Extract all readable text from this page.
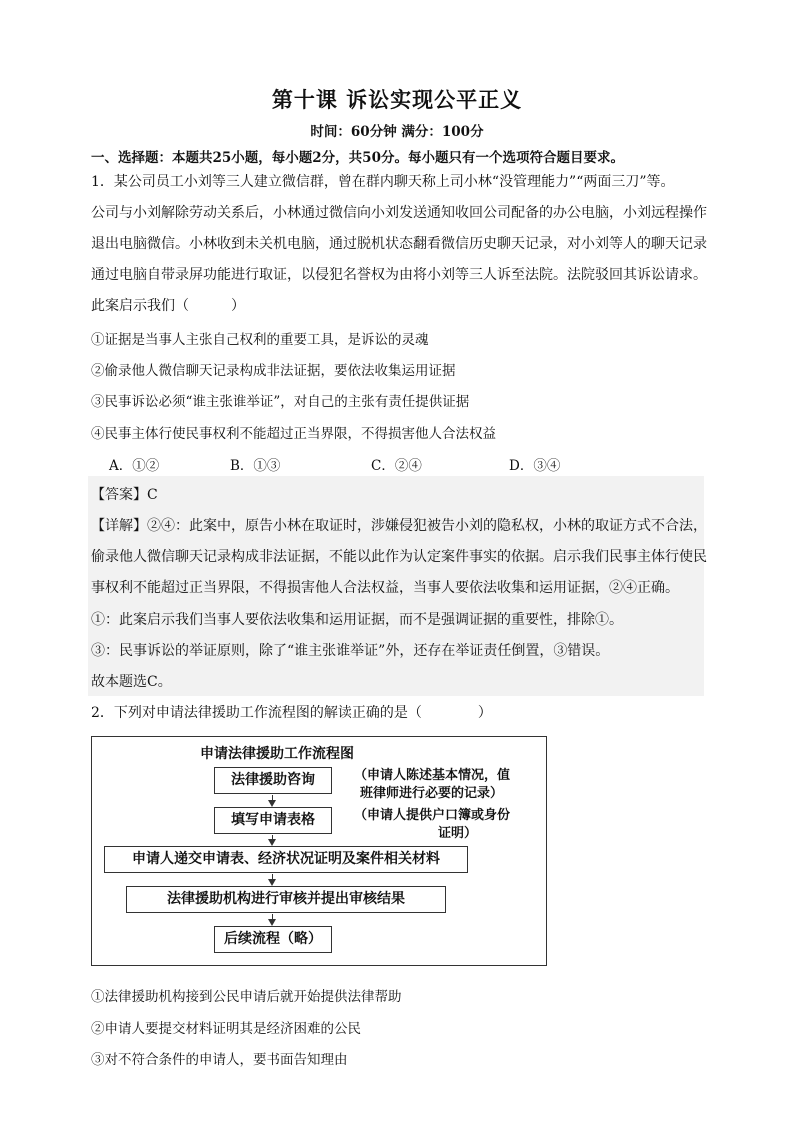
第十课 诉讼实现公平正义
时间：60分钟 满分：100分
一、选择题：本题共25小题，每小题2分，共50分。每小题只有一个选项符合题目要求。
1．某公司员工小刘等三人建立微信群，曾在群内聊天称上司小林“没管理能力”“两面三刀”等。
公司与小刘解除劳动关系后，小林通过微信向小刘发送通知收回公司配备的办公电脑，小刘远程操作
退出电脑微信。小林收到未关机电脑，通过脱机状态翻看微信历史聊天记录，对小刘等人的聊天记录
通过电脑自带录屏功能进行取证，以侵犯名誉权为由将小刘等三人诉至法院。法院驳回其诉讼请求。
此案启示我们（　　　）
①证据是当事人主张自己权利的重要工具，是诉讼的灵魂
②偷录他人微信聊天记录构成非法证据，要依法收集运用证据
③民事诉讼必须“谁主张谁举证”，对自己的主张有责任提供证据
④民事主体行使民事权利不能超过正当界限，不得损害他人合法权益
A．①②	B．①③	C．②④	D．③④
【答案】C
【详解】②④：此案中，原告小林在取证时，涉嫌侵犯被告小刘的隐私权，小林的取证方式不合法，
偷录他人微信聊天记录构成非法证据，不能以此作为认定案件事实的依据。启示我们民事主体行使民
事权利不能超过正当界限，不得损害他人合法权益，当事人要依法收集和运用证据，②④正确。
①：此案启示我们当事人要依法收集和运用证据，而不是强调证据的重要性，排除①。
③：民事诉讼的举证原则，除了“谁主张谁举证”外，还存在举证责任倒置，③错误。
故本题选C。
2．下列对申请法律援助工作流程图的解读正确的是（　　　　）
申请法律援助工作流程图
法律援助咨询	（申请人陈述基本情况，值
班律师进行必要的记录）
填写申请表格	（申请人提供户口簿或身份
证明）
申请人递交申请表、经济状况证明及案件相关材料
法律援助机构进行审核并提出审核结果
后续流程（略）
①法律援助机构接到公民申请后就开始提供法律帮助
②申请人要提交材料证明其是经济困难的公民
③对不符合条件的申请人，要书面告知理由
